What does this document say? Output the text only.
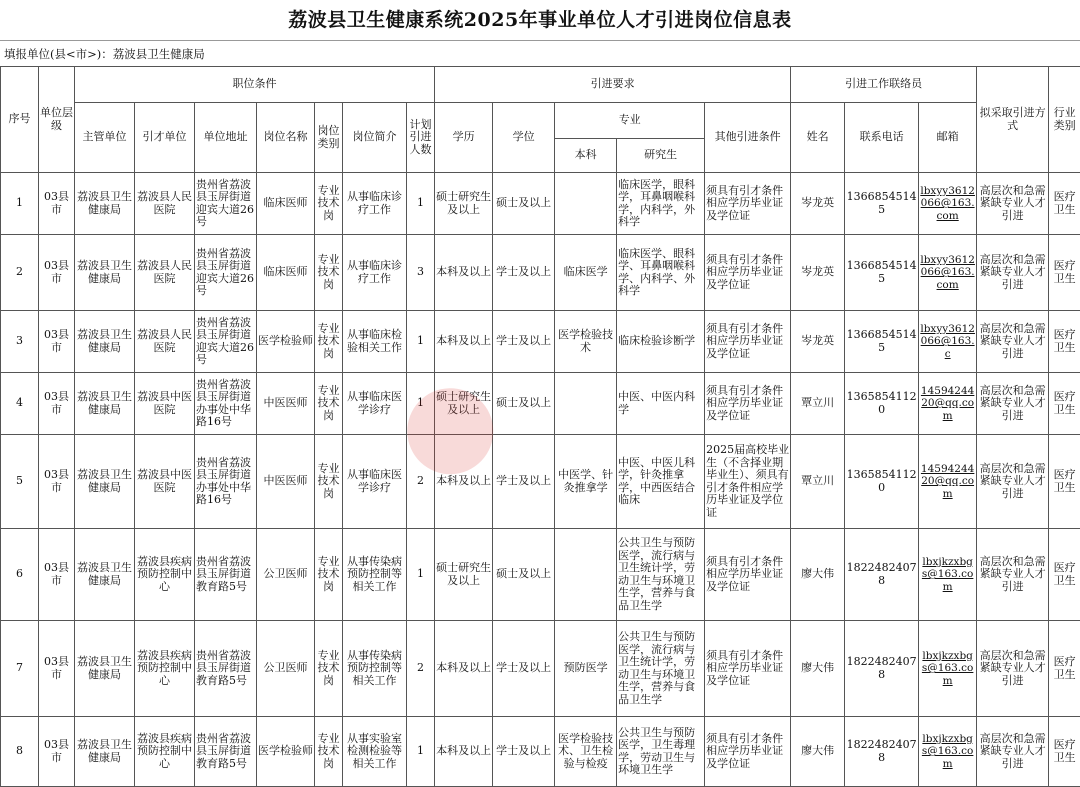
荔波县卫生健康系统2025年事业单位人才引进岗位信息表
填报单位(县<市>)：荔波县卫生健康局
序号	单位层级	职位条件							引进要求					引进工作联络员			拟采取引进方式	行业类别
		主管单位	引才单位	单位地址	岗位名称	岗位类别	岗位简介	计划引进人数	学历	学位	专业		其他引进条件	姓名	联系电话	邮箱		
											本科	研究生						
1	03县市	荔波县卫生健康局	荔波县人民医院	贵州省荔波县玉屏街道迎宾大道26号	临床医师	专业技术岗	从事临床诊疗工作	1	硕士研究生及以上	硕士及以上		临床医学，眼科学，耳鼻咽喉科学，内科学，外科学	须具有引才条件相应学历毕业证及学位证	岑龙英	13668545145	lbxyy3612066@163.com	高层次和急需紧缺专业人才引进	医疗卫生
2	03县市	荔波县卫生健康局	荔波县人民医院	贵州省荔波县玉屏街道迎宾大道26号	临床医师	专业技术岗	从事临床诊疗工作	3	本科及以上	学士及以上	临床医学	临床医学、眼科学、耳鼻咽喉科学、内科学、外科学	须具有引才条件相应学历毕业证及学位证	岑龙英	13668545145	lbxyy3612066@163.com	高层次和急需紧缺专业人才引进	医疗卫生
3	03县市	荔波县卫生健康局	荔波县人民医院	贵州省荔波县玉屏街道迎宾大道26号	医学检验师	专业技术岗	从事临床检验相关工作	1	本科及以上	学士及以上	医学检验技术	临床检验诊断学	须具有引才条件相应学历毕业证及学位证	岑龙英	13668545145	lbxyy3612066@163.c	高层次和急需紧缺专业人才引进	医疗卫生
4	03县市	荔波县卫生健康局	荔波县中医医院	贵州省荔波县玉屏街道办事处中华路16号	中医医师	专业技术岗	从事临床医学诊疗	1	硕士研究生及以上	硕士及以上		中医、中医内科学	须具有引才条件相应学历毕业证及学位证	覃立川	13658541120	1459424420@qq.com	高层次和急需紧缺专业人才引进	医疗卫生
5	03县市	荔波县卫生健康局	荔波县中医医院	贵州省荔波县玉屏街道办事处中华路16号	中医医师	专业技术岗	从事临床医学诊疗	2	本科及以上	学士及以上	中医学、针灸推拿学	中医、中医儿科学，针灸推拿学，中西医结合临床	2025届高校毕业生（不含择业期毕业生）、须具有引才条件相应学历毕业证及学位证	覃立川	13658541120	1459424420@qq.com	高层次和急需紧缺专业人才引进	医疗卫生
6	03县市	荔波县卫生健康局	荔波县疾病预防控制中心	贵州省荔波县玉屏街道教育路5号	公卫医师	专业技术岗	从事传染病预防控制等相关工作	1	硕士研究生及以上	硕士及以上		公共卫生与预防医学，流行病与卫生统计学，劳动卫生与环境卫生学，营养与食品卫生学	须具有引才条件相应学历毕业证及学位证	廖大伟	18224824078	lbxjkzxbgs@163.com	高层次和急需紧缺专业人才引进	医疗卫生
7	03县市	荔波县卫生健康局	荔波县疾病预防控制中心	贵州省荔波县玉屏街道教育路5号	公卫医师	专业技术岗	从事传染病预防控制等相关工作	2	本科及以上	学士及以上	预防医学	公共卫生与预防医学，流行病与卫生统计学，劳动卫生与环境卫生学，营养与食品卫生学	须具有引才条件相应学历毕业证及学位证	廖大伟	18224824078	lbxjkzxbgs@163.com	高层次和急需紧缺专业人才引进	医疗卫生
8	03县市	荔波县卫生健康局	荔波县疾病预防控制中心	贵州省荔波县玉屏街道教育路5号	医学检验师	专业技术岗	从事实验室检测检验等相关工作	1	本科及以上	学士及以上	医学检验技术、卫生检验与检疫	公共卫生与预防医学，卫生毒理学，劳动卫生与环境卫生学	须具有引才条件相应学历毕业证及学位证	廖大伟	18224824078	lbxjkzxbgs@163.com	高层次和急需紧缺专业人才引进	医疗卫生
